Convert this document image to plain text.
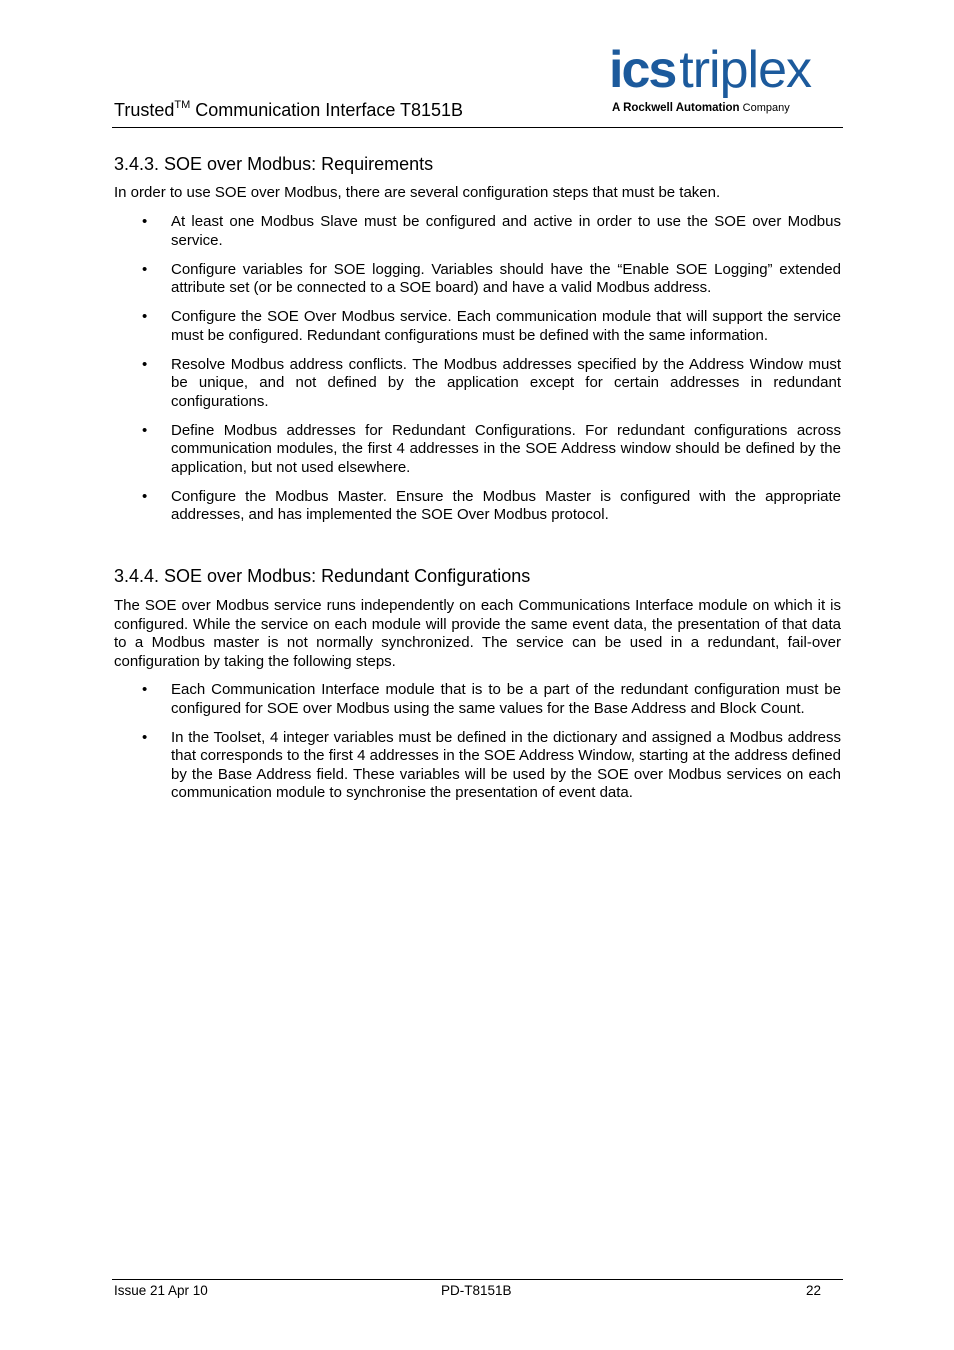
Trusted™ Communication Interface T8151B
icstriplex
A Rockwell Automation Company
3.4.3. SOE over Modbus: Requirements
In order to use SOE over Modbus, there are several configuration steps that must be taken.
• At least one Modbus Slave must be configured and active in order to use the SOE over Modbus service.
• Configure variables for SOE logging. Variables should have the “Enable SOE Logging” extended attribute set (or be connected to a SOE board) and have a valid Modbus address.
• Configure the SOE Over Modbus service. Each communication module that will support the service must be configured. Redundant configurations must be defined with the same information.
• Resolve Modbus address conflicts. The Modbus addresses specified by the Address Window must be unique, and not defined by the application except for certain addresses in redundant configurations.
• Define Modbus addresses for Redundant Configurations. For redundant configurations across communication modules, the first 4 addresses in the SOE Address window should be defined by the application, but not used elsewhere.
• Configure the Modbus Master. Ensure the Modbus Master is configured with the appropriate addresses, and has implemented the SOE Over Modbus protocol.
3.4.4. SOE over Modbus: Redundant Configurations
The SOE over Modbus service runs independently on each Communications Interface module on which it is configured. While the service on each module will provide the same event data, the presentation of that data to a Modbus master is not normally synchronized. The service can be used in a redundant, fail-over configuration by taking the following steps.
• Each Communication Interface module that is to be a part of the redundant configuration must be configured for SOE over Modbus using the same values for the Base Address and Block Count.
• In the Toolset, 4 integer variables must be defined in the dictionary and assigned a Modbus address that corresponds to the first 4 addresses in the SOE Address Window, starting at the address defined by the Base Address field. These variables will be used by the SOE over Modbus services on each communication module to synchronise the presentation of event data.
Issue 21 Apr 10	PD-T8151B	22
